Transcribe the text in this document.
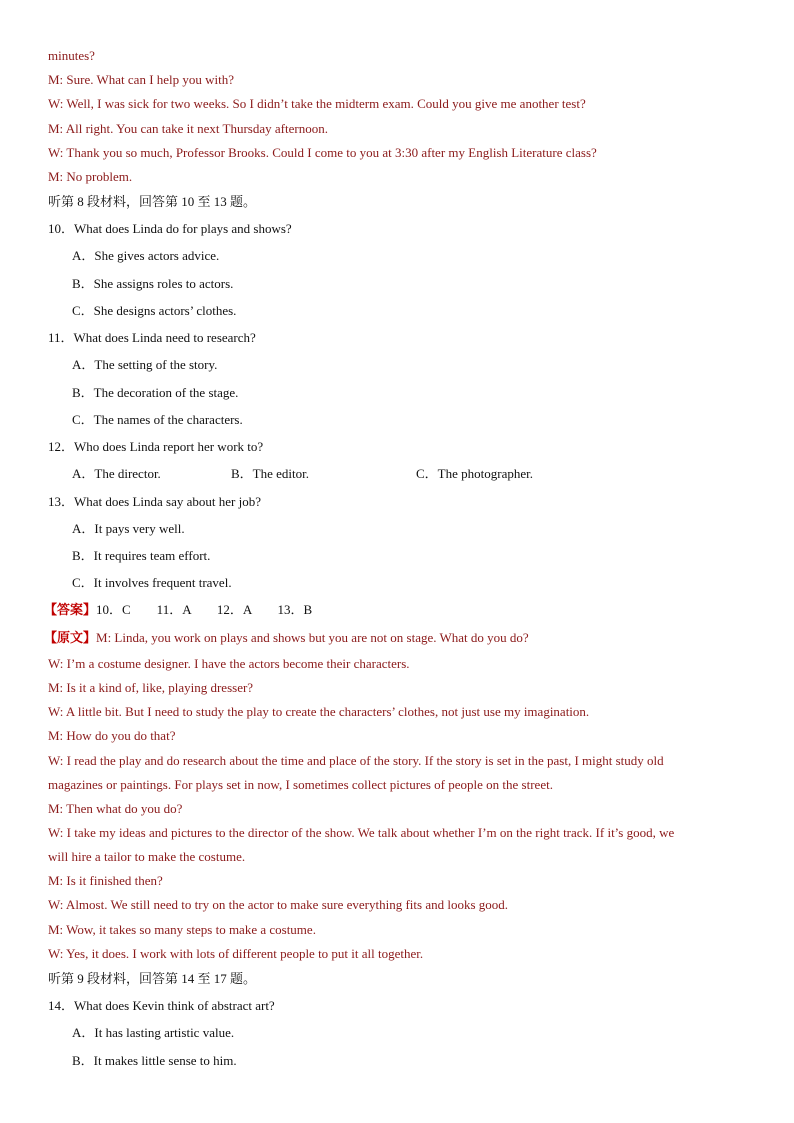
minutes?
M: Sure. What can I help you with?
W: Well, I was sick for two weeks. So I didn’t take the midterm exam. Could you give me another test?
M: All right. You can take it next Thursday afternoon.
W: Thank you so much, Professor Brooks. Could I come to you at 3:30 after my English Literature class?
M: No problem.
听第 8 段材料，回答第 10 至 13 题。
10．What does Linda do for plays and shows?
A．She gives actors advice.
B．She assigns roles to actors.
C．She designs actors’ clothes.
11．What does Linda need to research?
A．The setting of the story.
B．The decoration of the stage.
C．The names of the characters.
12．Who does Linda report her work to?
A．The director.	B．The editor.	C．The photographer.
13．What does Linda say about her job?
A．It pays very well.
B．It requires team effort.
C．It involves frequent travel.
【答案】10．C　　11．A　　12．A　　13．B
【原文】M: Linda, you work on plays and shows but you are not on stage. What do you do?
W: I’m a costume designer. I have the actors become their characters.
M: Is it a kind of, like, playing dresser?
W: A little bit. But I need to study the play to create the characters’ clothes, not just use my imagination.
M: How do you do that?
W: I read the play and do research about the time and place of the story. If the story is set in the past, I might study old
magazines or paintings. For plays set in now, I sometimes collect pictures of people on the street.
M: Then what do you do?
W: I take my ideas and pictures to the director of the show. We talk about whether I’m on the right track. If it’s good, we
will hire a tailor to make the costume.
M: Is it finished then?
W: Almost. We still need to try on the actor to make sure everything fits and looks good.
M: Wow, it takes so many steps to make a costume.
W: Yes, it does. I work with lots of different people to put it all together.
听第 9 段材料，回答第 14 至 17 题。
14．What does Kevin think of abstract art?
A．It has lasting artistic value.
B．It makes little sense to him.
